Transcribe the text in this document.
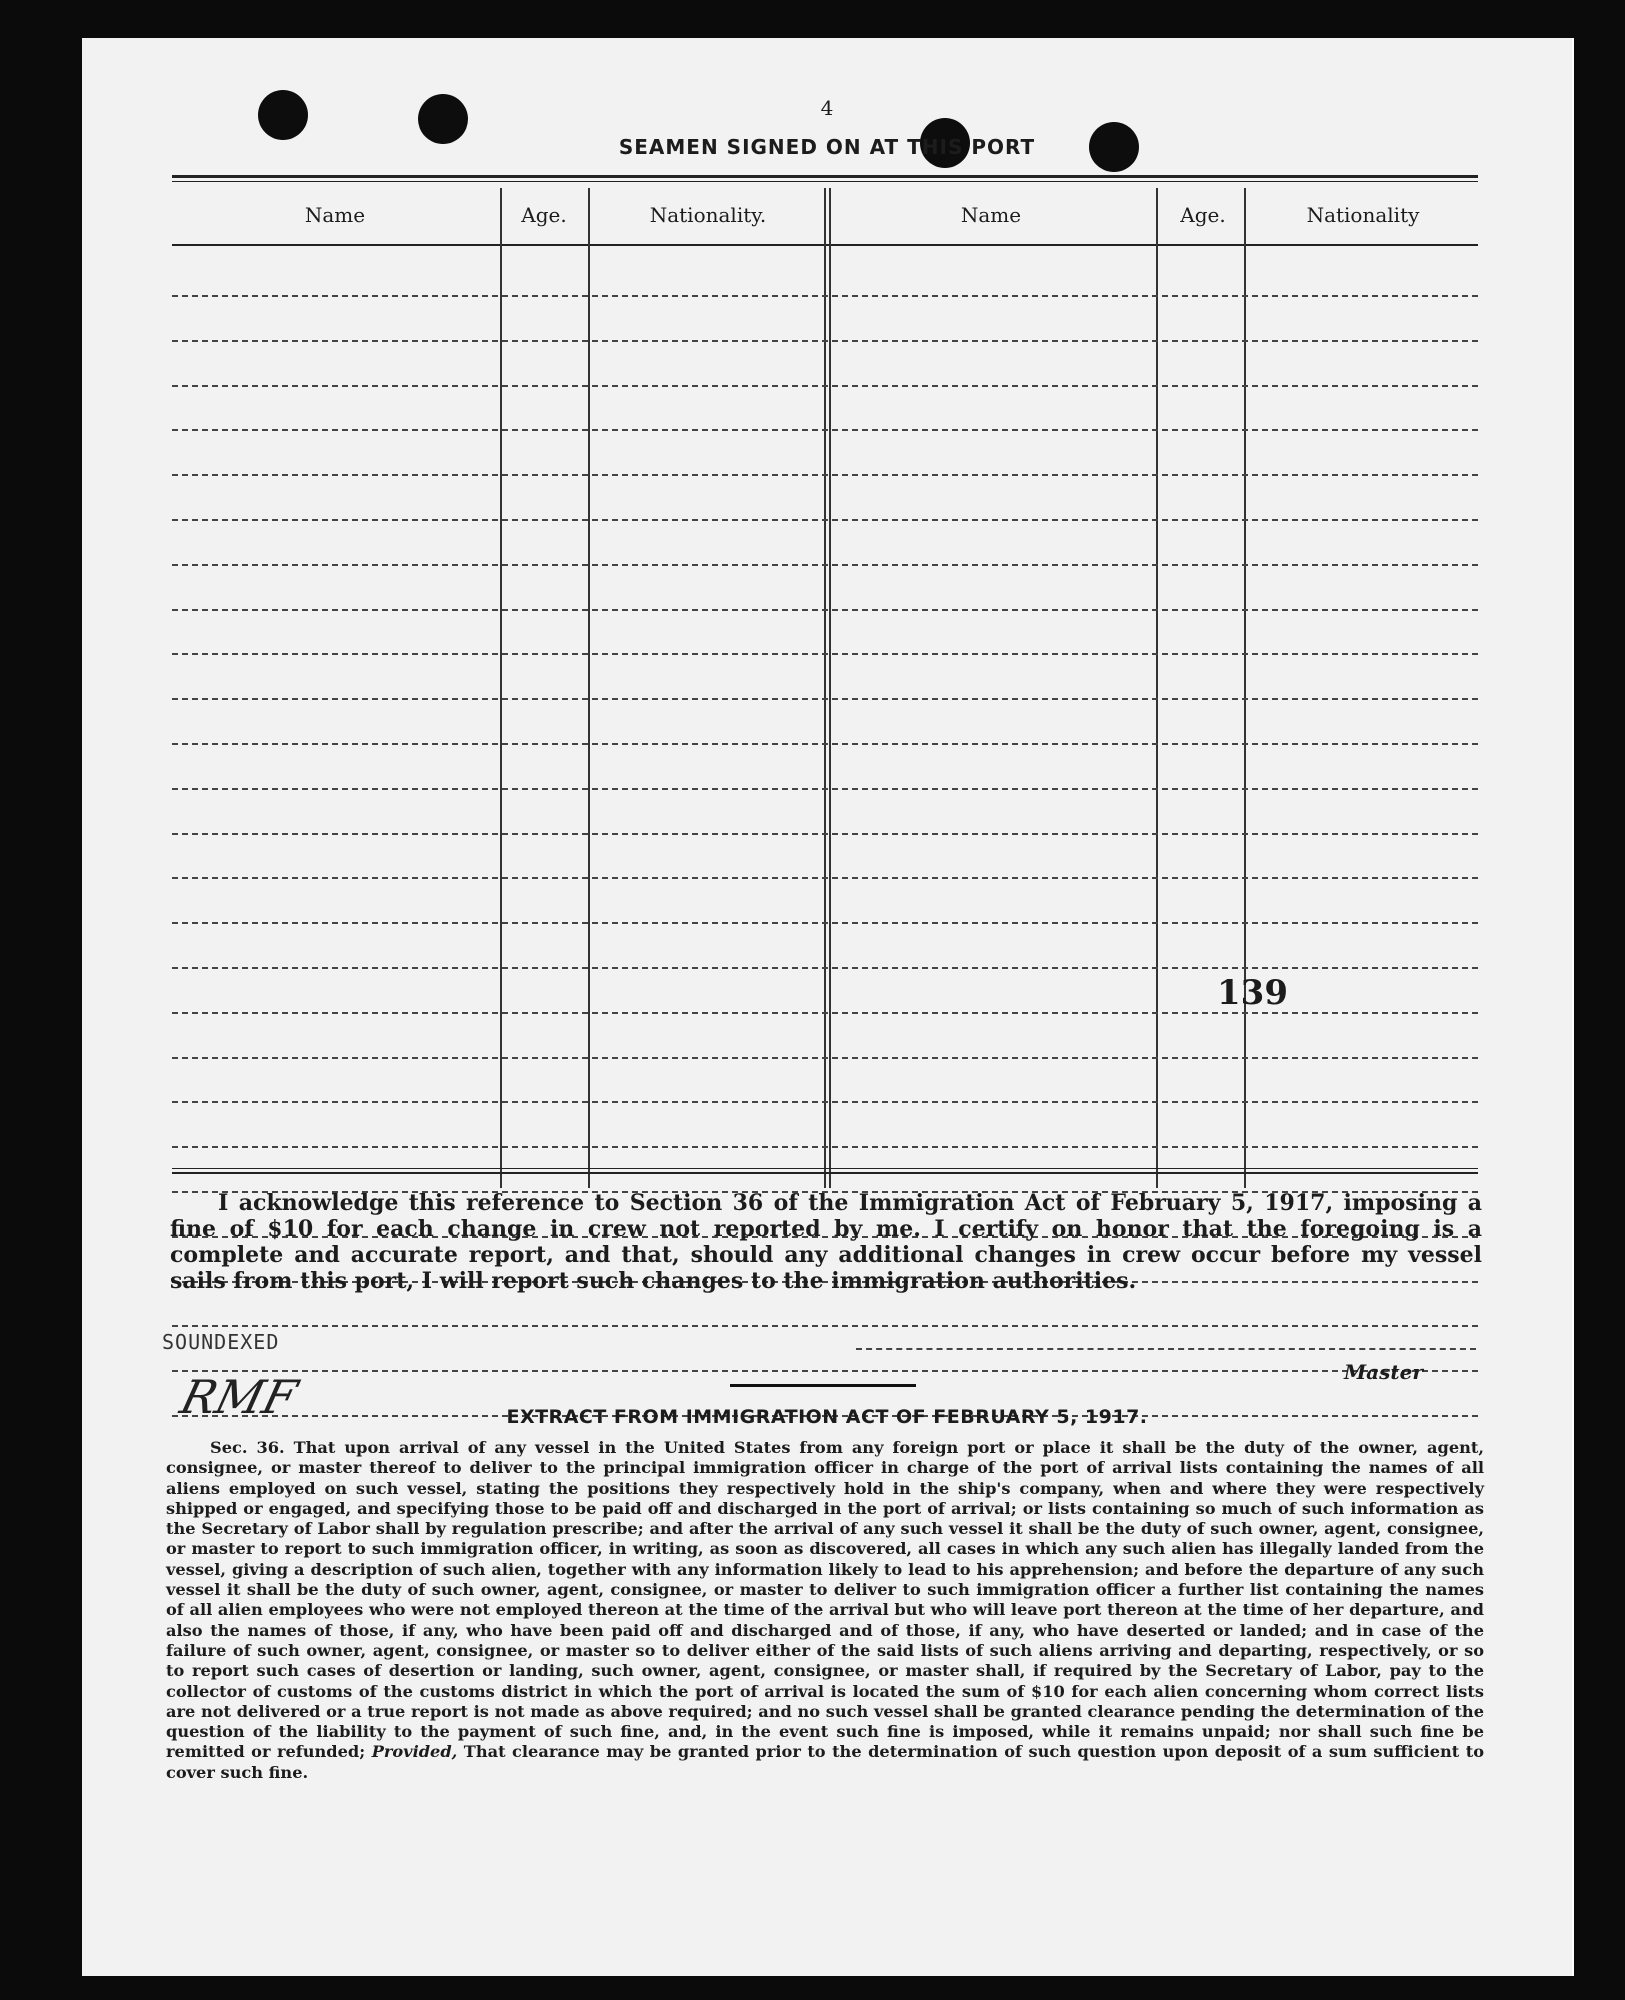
4
SEAMEN SIGNED ON AT THIS PORT
Name	Age.	Nationality.	Name	Age.	Nationality
139
I acknowledge this reference to Section 36 of the Immigration Act of February 5, 1917, imposing a fine of $10 for each change in crew not reported by me. I certify on honor that the foregoing is a complete and accurate report, and that, should any additional changes in crew occur before my vessel sails from this port, I will report such changes to the immigration authorities.
SOUNDEXED
RMF	Master
EXTRACT FROM IMMIGRATION ACT OF FEBRUARY 5, 1917.
Sec. 36. That upon arrival of any vessel in the United States from any foreign port or place it shall be the duty of the owner, agent, consignee, or master thereof to deliver to the principal immigration officer in charge of the port of arrival lists containing the names of all aliens employed on such vessel, stating the positions they respectively hold in the ship's company, when and where they were respectively shipped or engaged, and specifying those to be paid off and discharged in the port of arrival; or lists containing so much of such information as the Secretary of Labor shall by regulation prescribe; and after the arrival of any such vessel it shall be the duty of such owner, agent, consignee, or master to report to such immigration officer, in writing, as soon as discovered, all cases in which any such alien has illegally landed from the vessel, giving a description of such alien, together with any information likely to lead to his apprehension; and before the departure of any such vessel it shall be the duty of such owner, agent, consignee, or master to deliver to such immigration officer a further list containing the names of all alien employees who were not employed thereon at the time of the arrival but who will leave port thereon at the time of her departure, and also the names of those, if any, who have been paid off and discharged and of those, if any, who have deserted or landed; and in case of the failure of such owner, agent, consignee, or master so to deliver either of the said lists of such aliens arriving and departing, respectively, or so to report such cases of desertion or landing, such owner, agent, consignee, or master shall, if required by the Secretary of Labor, pay to the collector of customs of the customs district in which the port of arrival is located the sum of $10 for each alien concerning whom correct lists are not delivered or a true report is not made as above required; and no such vessel shall be granted clearance pending the determination of the question of the liability to the payment of such fine, and, in the event such fine is imposed, while it remains unpaid; nor shall such fine be remitted or refunded; Provided, That clearance may be granted prior to the determination of such question upon deposit of a sum sufficient to cover such fine.
